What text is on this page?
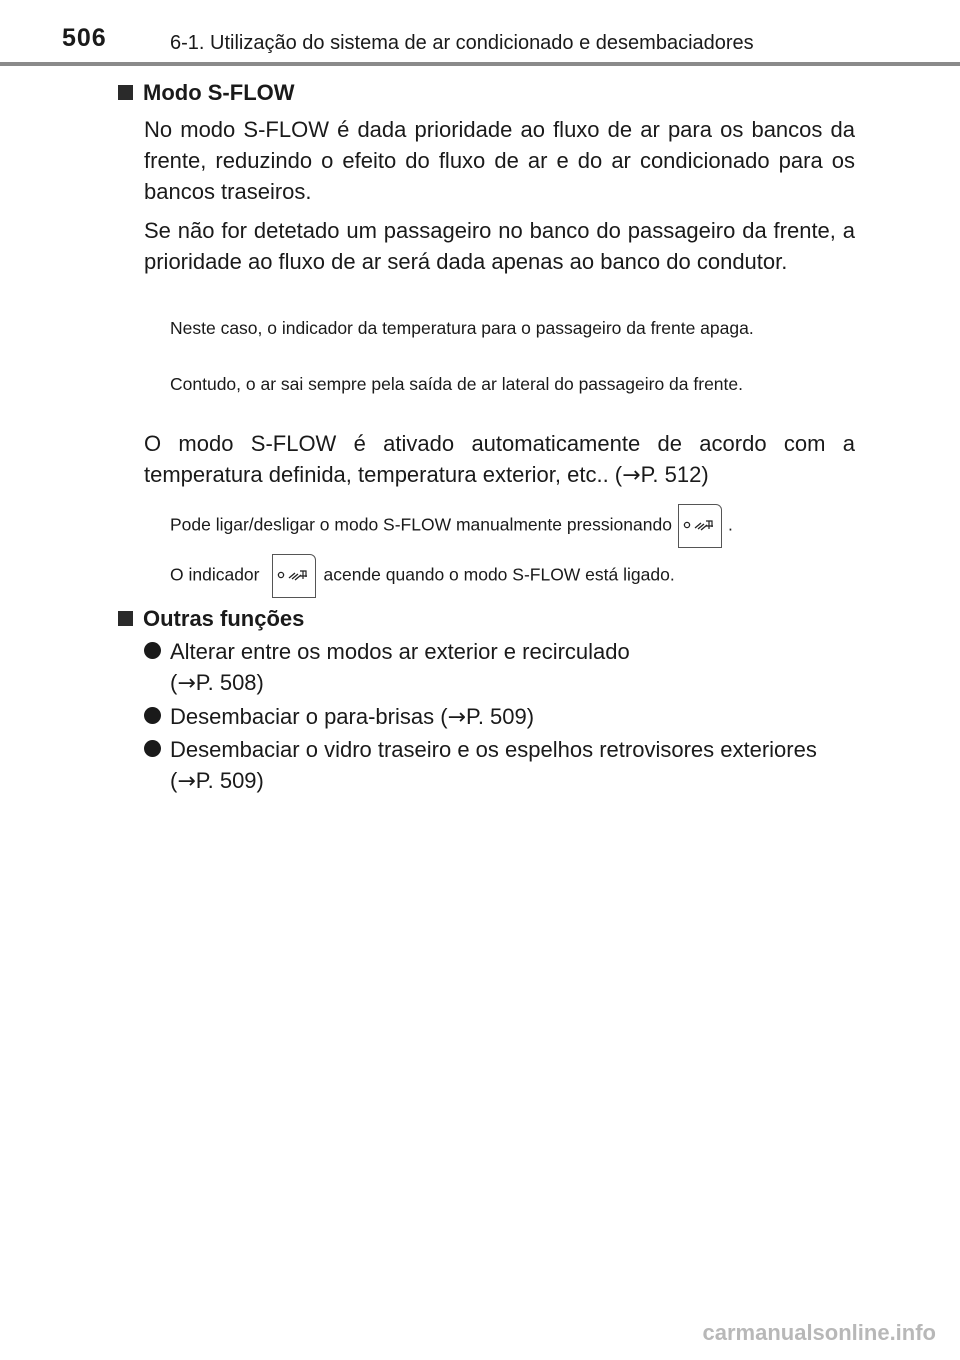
506	6-1. Utilização do sistema de ar condicionado e desembaciadores
Modo S-FLOW
No modo S-FLOW é dada prioridade ao fluxo de ar para os bancos da frente, reduzindo o efeito do fluxo de ar e do ar condicionado para os bancos traseiros.
Se não for detetado um passageiro no banco do passageiro da frente, a prioridade ao fluxo de ar será dada apenas ao banco do condutor.
Neste caso, o indicador da temperatura para o passageiro da frente apaga.
Contudo, o ar sai sempre pela saída de ar lateral do passageiro da frente.
O modo S-FLOW é ativado automaticamente de acordo com a temperatura definida, temperatura exterior, etc.. (→P. 512)
Pode ligar/desligar o modo S-FLOW manualmente pressionando	.
O indicador	acende quando o modo S-FLOW está ligado.
Outras funções
Alterar entre os modos ar exterior e recirculado
(→P. 508)
Desembaciar o para-brisas (→P. 509)
Desembaciar o vidro traseiro e os espelhos retrovisores exteriores
(→P. 509)
carmanualsonline.info
